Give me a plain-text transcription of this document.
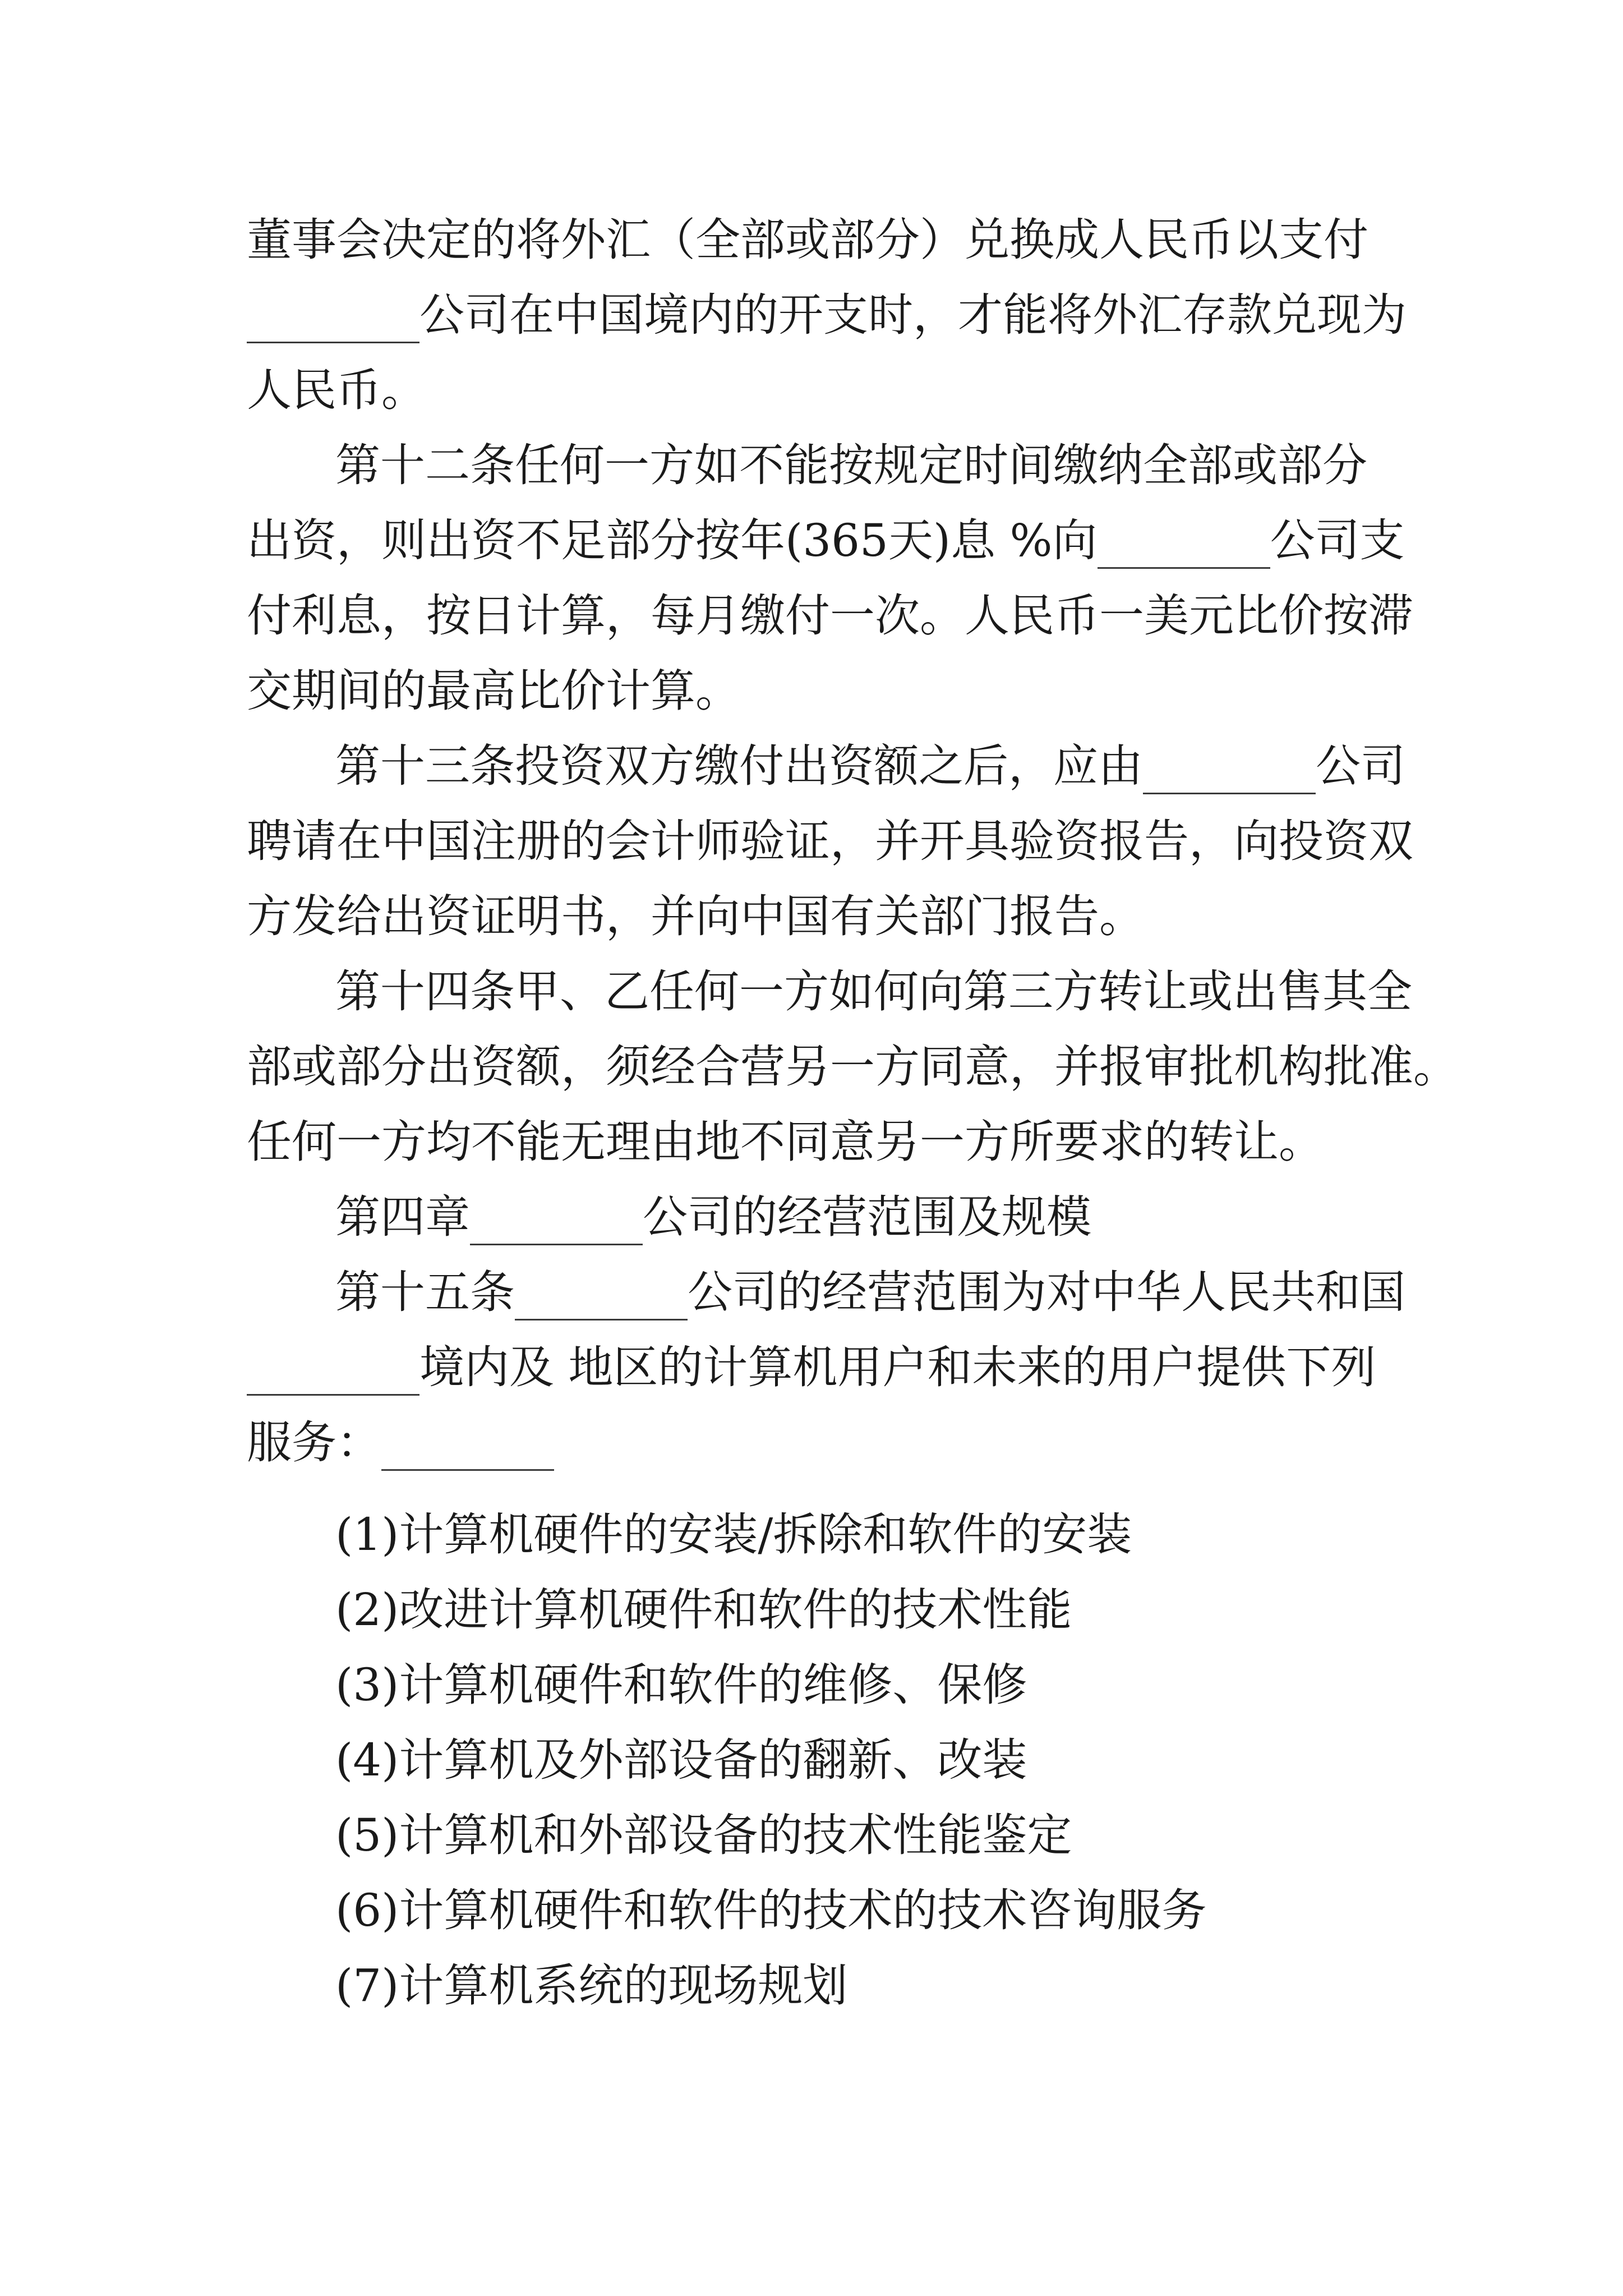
董事会决定的将外汇（全部或部分）兑换成人民币以支付
公司在中国境内的开支时，才能将外汇存款兑现为
人民币。
第十二条任何一方如不能按规定时间缴纳全部或部分
出资，则出资不足部分按年(365天)息 %向	公司支
付利息，按日计算，每月缴付一次。人民币一美元比价按滞
交期间的最高比价计算。
第十三条投资双方缴付出资额之后，应由	公司
聘请在中国注册的会计师验证，并开具验资报告，向投资双
方发给出资证明书，并向中国有关部门报告。
第十四条甲、乙任何一方如何向第三方转让或出售其全
部或部分出资额，须经合营另一方同意，并报审批机构批准。
任何一方均不能无理由地不同意另一方所要求的转让。
第四章	公司的经营范围及规模
第十五条	公司的经营范围为对中华人民共和国
境内及 地区的计算机用户和未来的用户提供下列
服务：
(1)计算机硬件的安装/拆除和软件的安装
(2)改进计算机硬件和软件的技术性能
(3)计算机硬件和软件的维修、保修
(4)计算机及外部设备的翻新、改装
(5)计算机和外部设备的技术性能鉴定
(6)计算机硬件和软件的技术的技术咨询服务
(7)计算机系统的现场规划
